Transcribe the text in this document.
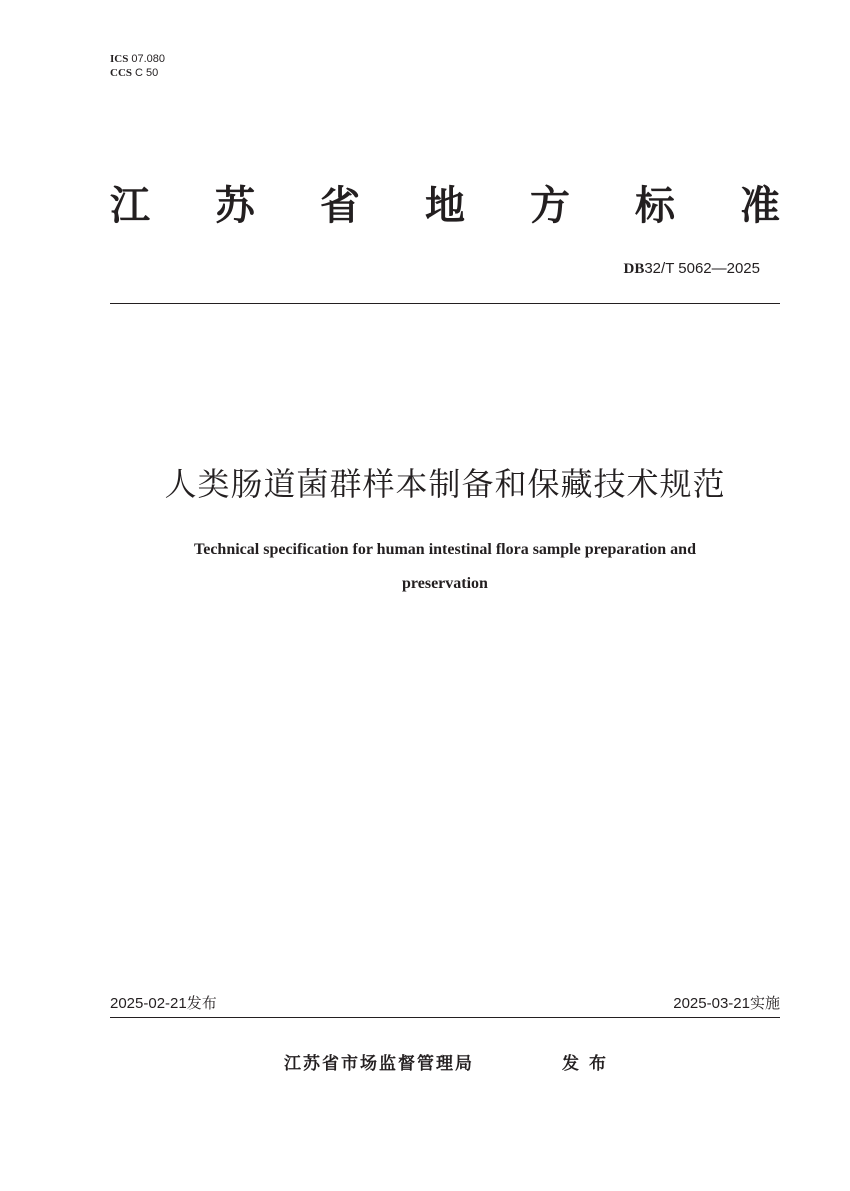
ICS 07.080
CCS C 50
江 苏 省 地 方 标 准
DB32/T 5062—2025
人类肠道菌群样本制备和保藏技术规范
Technical specification for human intestinal flora sample preparation and
preservation
2025-02-21发布	2025-03-21实施
江苏省市场监督管理局	发布
